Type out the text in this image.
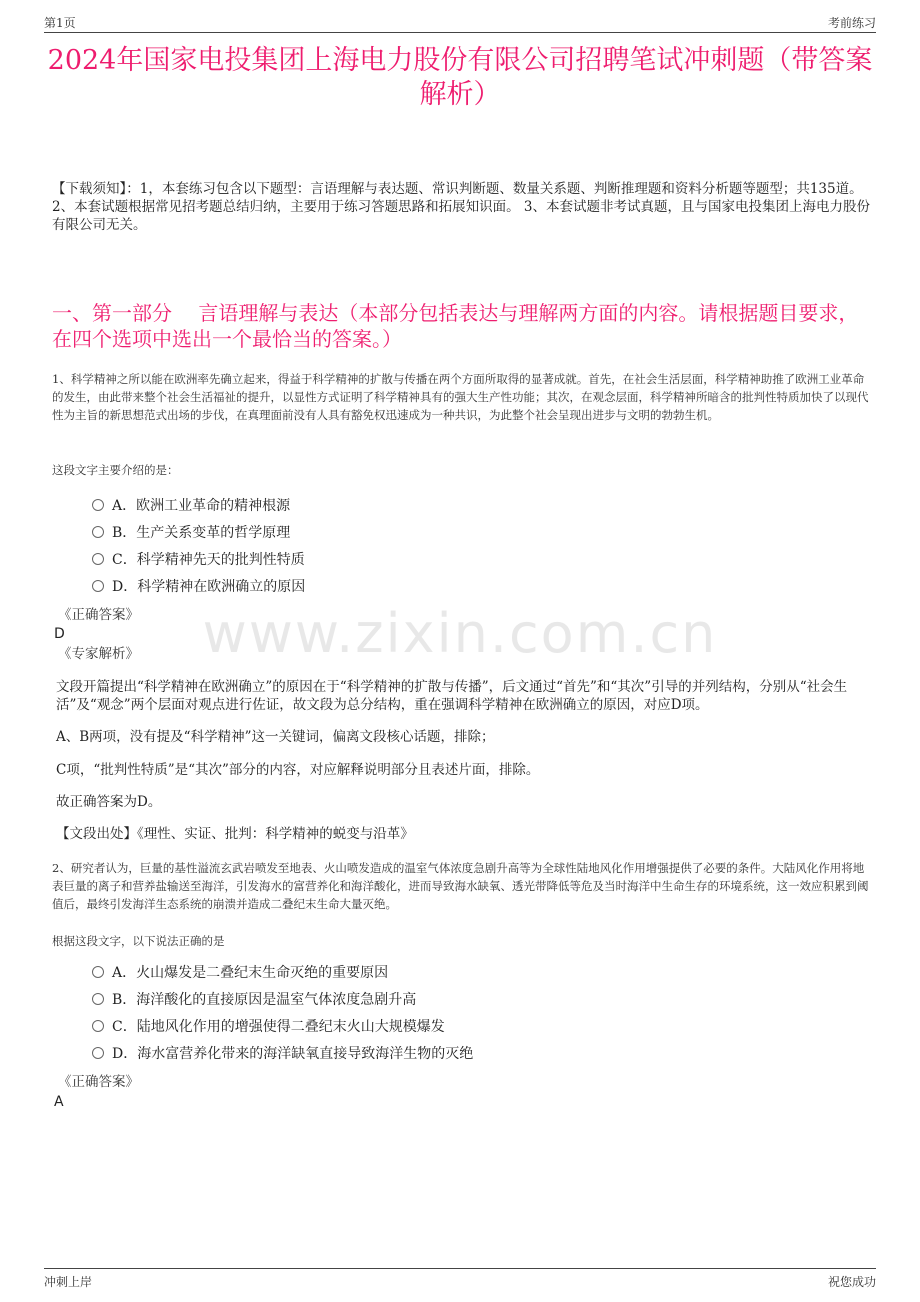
第1页	考前练习
2024年国家电投集团上海电力股份有限公司招聘笔试冲刺题（带答案解析）
【下载须知】：1，本套练习包含以下题型：言语理解与表达题、常识判断题、数量关系题、判断推理题和资料分析题等题型；共135道。 2、本套试题根据常见招考题总结归纳，主要用于练习答题思路和拓展知识面。 3、本套试题非考试真题，且与国家电投集团上海电力股份有限公司无关。
一、第一部分　 言语理解与表达（本部分包括表达与理解两方面的内容。请根据题目要求，在四个选项中选出一个最恰当的答案。）
1、科学精神之所以能在欧洲率先确立起来，得益于科学精神的扩散与传播在两个方面所取得的显著成就。首先，在社会生活层面，科学精神助推了欧洲工业革命的发生，由此带来整个社会生活福祉的提升，以显性方式证明了科学精神具有的强大生产性功能；其次，在观念层面，科学精神所暗含的批判性特质加快了以现代性为主旨的新思想范式出场的步伐，在真理面前没有人具有豁免权迅速成为一种共识，为此整个社会呈现出进步与文明的勃勃生机。
这段文字主要介绍的是：
A．欧洲工业革命的精神根源
B．生产关系变革的哲学原理
C．科学精神先天的批判性特质
D．科学精神在欧洲确立的原因
《正确答案》
D
《专家解析》	www.zixin.com.cn
文段开篇提出“科学精神在欧洲确立”的原因在于“科学精神的扩散与传播”，后文通过“首先”和“其次”引导的并列结构，分别从“社会生活”及“观念”两个层面对观点进行佐证，故文段为总分结构，重在强调科学精神在欧洲确立的原因，对应D项。
A、B两项，没有提及“科学精神”这一关键词，偏离文段核心话题，排除；
C项，“批判性特质”是“其次”部分的内容，对应解释说明部分且表述片面，排除。
故正确答案为D。
【文段出处】《理性、实证、批判：科学精神的蜕变与沿革》
2、研究者认为，巨量的基性溢流玄武岩喷发至地表、火山喷发造成的温室气体浓度急剧升高等为全球性陆地风化作用增强提供了必要的条件。大陆风化作用将地表巨量的离子和营养盐输送至海洋，引发海水的富营养化和海洋酸化，进而导致海水缺氧、透光带降低等危及当时海洋中生命生存的环境系统，这一效应积累到阈值后，最终引发海洋生态系统的崩溃并造成二叠纪末生命大量灭绝。
根据这段文字，以下说法正确的是
A．火山爆发是二叠纪末生命灭绝的重要原因
B．海洋酸化的直接原因是温室气体浓度急剧升高
C．陆地风化作用的增强使得二叠纪末火山大规模爆发
D．海水富营养化带来的海洋缺氧直接导致海洋生物的灭绝
《正确答案》
A
冲刺上岸	祝您成功
